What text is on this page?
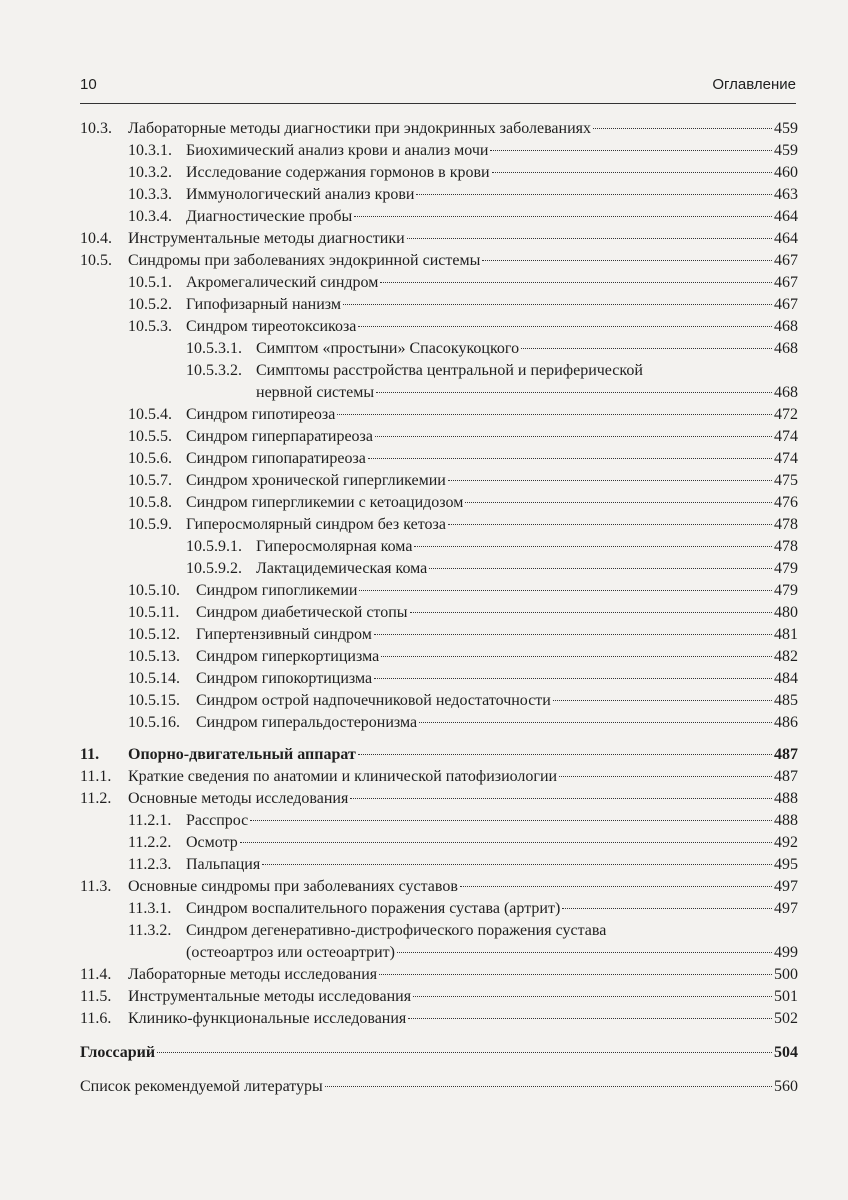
10	Оглавление
10.3.	Лабораторные методы диагностики при эндокринных заболеваниях	459
10.3.1. Биохимический анализ крови и анализ мочи	459
10.3.2. Исследование содержания гормонов в крови	460
10.3.3. Иммунологический анализ крови	463
10.3.4. Диагностические пробы	464
10.4.	Инструментальные методы диагностики	464
10.5.	Синдромы при заболеваниях эндокринной системы	467
10.5.1. Акромегалический синдром	467
10.5.2. Гипофизарный нанизм	467
10.5.3. Синдром тиреотоксикоза	468
10.5.3.1. Симптом «простыни» Спасокукоцкого	468
10.5.3.2. Симптомы расстройства центральной и периферической
нервной системы	468
10.5.4. Синдром гипотиреоза	472
10.5.5. Синдром гиперпаратиреоза	474
10.5.6. Синдром гипопаратиреоза	474
10.5.7. Синдром хронической гипергликемии	475
10.5.8. Синдром гипергликемии с кетоацидозом	476
10.5.9. Гиперосмолярный синдром без кетоза	478
10.5.9.1. Гиперосмолярная кома	478
10.5.9.2. Лактацидемическая кома	479
10.5.10.	Синдром гипогликемии	479
10.5.11.	Синдром диабетической стопы	480
10.5.12.	Гипертензивный синдром	481
10.5.13.	Синдром гиперкортицизма	482
10.5.14.	Синдром гипокортицизма	484
10.5.15.	Синдром острой надпочечниковой недостаточности	485
10.5.16.	Синдром гиперальдостеронизма	486
11.	Опорно-двигательный аппарат	487
11.1.	Краткие сведения по анатомии и клинической патофизиологии	487
11.2.	Основные методы исследования	488
11.2.1. Расспрос	488
11.2.2. Осмотр	492
11.2.3. Пальпация	495
11.3.	Основные синдромы при заболеваниях суставов	497
11.3.1. Синдром воспалительного поражения сустава (артрит)	497
11.3.2. Синдром дегенеративно-дистрофического поражения сустава
(остеоартроз или остеоартрит)	499
11.4.	Лабораторные методы исследования	500
11.5.	Инструментальные методы исследования	501
11.6.	Клинико-функциональные исследования	502
Глоссарий	504
Список рекомендуемой литературы	560
